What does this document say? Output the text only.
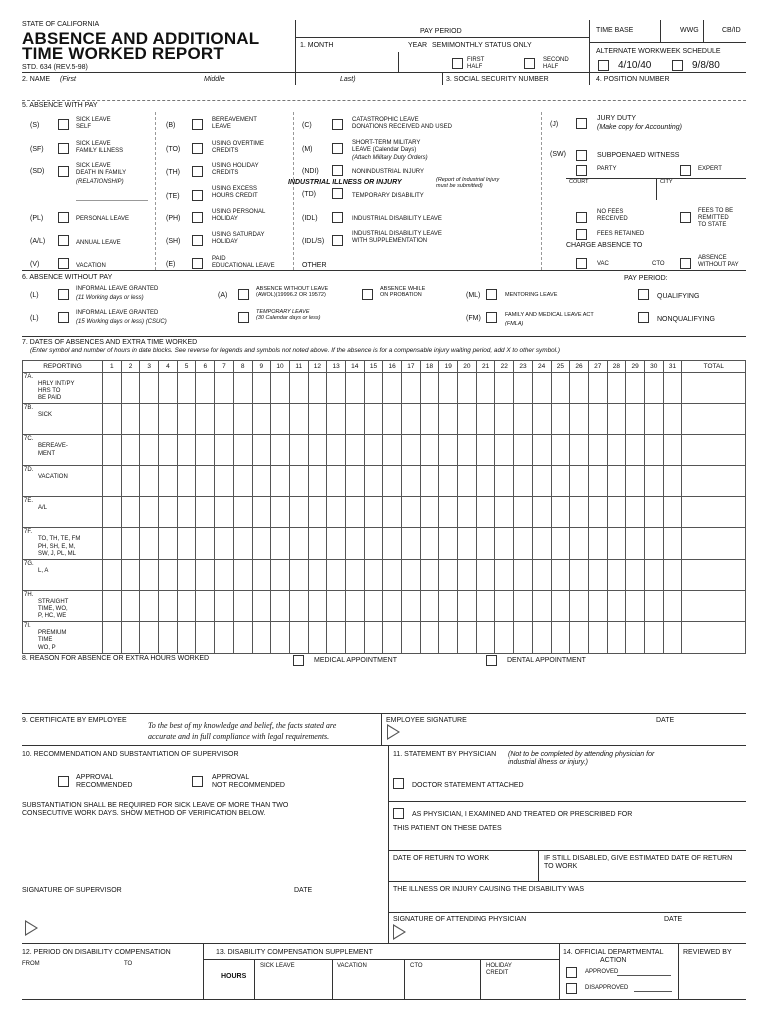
STATE OF CALIFORNIA
ABSENCE AND ADDITIONAL
TIME WORKED REPORT
STD. 634 (REV.5-98)
PAY PERIOD
1. MONTH	YEAR SEMIMONTHLY STATUS ONLY
FIRST
HALF
SECOND
HALF
TIME BASE	WWG	CB/ID
ALTERNATE WORKWEEK SCHEDULE
4/10/40	9/8/80
2. NAME (First	Middle	Last)	3. SOCIAL SECURITY NUMBER	4. POSITION NUMBER
5. ABSENCE WITH PAY
(S)
SICK LEAVE
SELF
(SF)
SICK LEAVE
FAMILY ILLNESS
(SD)
SICK LEAVE
DEATH IN FAMILY
(RELATIONSHIP)
(PL)	PERSONAL LEAVE
(A/L)	ANNUAL LEAVE
(V)	VACATION
(B)
BEREAVEMENT
LEAVE
(TO)
USING OVERTIME
CREDITS
(TH)
USING HOLIDAY
CREDITS
(TE)
USING EXCESS
HOURS CREDIT
(PH)
USING PERSONAL
HOLIDAY
(SH)
USING SATURDAY
HOLIDAY
(E)
PAID
EDUCATIONAL LEAVE
(C)
CATASTROPHIC LEAVE
DONATIONS RECEIVED AND USED
(M)
SHORT-TERM MILITARY
LEAVE (Calendar Days)
(Attach Military Duty Orders)
(NDI)	NONINDUSTRIAL INJURY
INDUSTRIAL ILLNESS OR INJURY	(Report of Industrial Injury
must be submitted)
(TD)	TEMPORARY DISABILITY
(IDL)	INDUSTRIAL DISABILITY LEAVE
(IDL/S)
INDUSTRIAL DISABILITY LEAVE
WITH SUPPLEMENTATION
OTHER
(J)
JURY DUTY
(Make copy for Accounting)
(SW)	SUBPOENAED WITNESS
PARTY	EXPERT
COURT	CITY
NO FEES
RECEIVED
FEES TO BE
REMITTED
TO STATE
FEES RETAINED
CHARGE ABSENCE TO
VAC	CTO
ABSENCE
WITHOUT PAY
6. ABSENCE WITHOUT PAY	PAY PERIOD:
(L)
INFORMAL LEAVE GRANTED
(11 Working days or less)	(A)
ABSENCE WITHOUT LEAVE
(AWOL)(19996.2 OR 19572)
ABSENCE WHILE
ON PROBATION	(ML)	MENTORING LEAVE	QUALIFYING
(L)
INFORMAL LEAVE GRANTED
(15 Working days or less) (CSUC)
TEMPORARY LEAVE
(30 Calendar days or less)	(FM)	FAMILY AND MEDICAL LEAVE ACT
(FMLA)
NONQUALIFYING
7. DATES OF ABSENCES AND EXTRA TIME WORKED
(Enter symbol and number of hours in date blocks. See reverse for legends and symbols not noted above. If the absence is for a compensable injury waiting period, add X to other symbol.)
REPORTING	1	2	3	4	5	6	7	8	9	10	11	12	13	14	15	16	17	18	19	20	21	22	23	24	25	26	27	28	29	30	31	TOTAL
7A.
HRLY INT/PY
HRS TO
BE PAID																																

7B.
SICK																																

7C.
BEREAVE-
MENT																																

7D.
VACATION																																

7E.
A/L																																

7F.
TO, TH, TE, FM
PH, SH, E, M,
SW, J, PL, ML																																

7G.
L, A																																

7H.
STRAIGHT
TIME, WO,
P, HC, WE																																

7I.
PREMIUM
TIME
WO, P																																

8. REASON FOR ABSENCE OR EXTRA HOURS WORKED	MEDICAL APPOINTMENT	DENTAL APPOINTMENT
9. CERTIFICATE BY EMPLOYEE
To the best of my knowledge and belief, the facts stated are
accurate and in full compliance with legal requirements.
EMPLOYEE SIGNATURE	DATE
10. RECOMMENDATION AND SUBSTANTIATION OF SUPERVISOR
APPROVAL
RECOMMENDED
APPROVAL
NOT RECOMMENDED
SUBSTANTIATION SHALL BE REQUIRED FOR SICK LEAVE OF MORE THAN TWO
CONSECUTIVE WORK DAYS. SHOW METHOD OF VERIFICATION BELOW.
SIGNATURE OF SUPERVISOR	DATE
11. STATEMENT BY PHYSICIAN (Not to be completed by attending physician for
industrial illness or injury.)
DOCTOR STATEMENT ATTACHED
AS PHYSICIAN, I EXAMINED AND TREATED OR PRESCRIBED FOR
THIS PATIENT ON THESE DATES
DATE OF RETURN TO WORK	IF STILL DISABLED, GIVE ESTIMATED DATE OF RETURN
TO WORK
THE ILLNESS OR INJURY CAUSING THE DISABILITY WAS
SIGNATURE OF ATTENDING PHYSICIAN	DATE
12. PERIOD ON DISABILITY COMPENSATION
FROM	TO
13. DISABILITY COMPENSATION SUPPLEMENT
HOURS
SICK LEAVE	VACATION	CTO	HOLIDAY
CREDIT
14. OFFICIAL DEPARTMENTAL
ACTION
APPROVED
DISAPPROVED
REVIEWED BY
